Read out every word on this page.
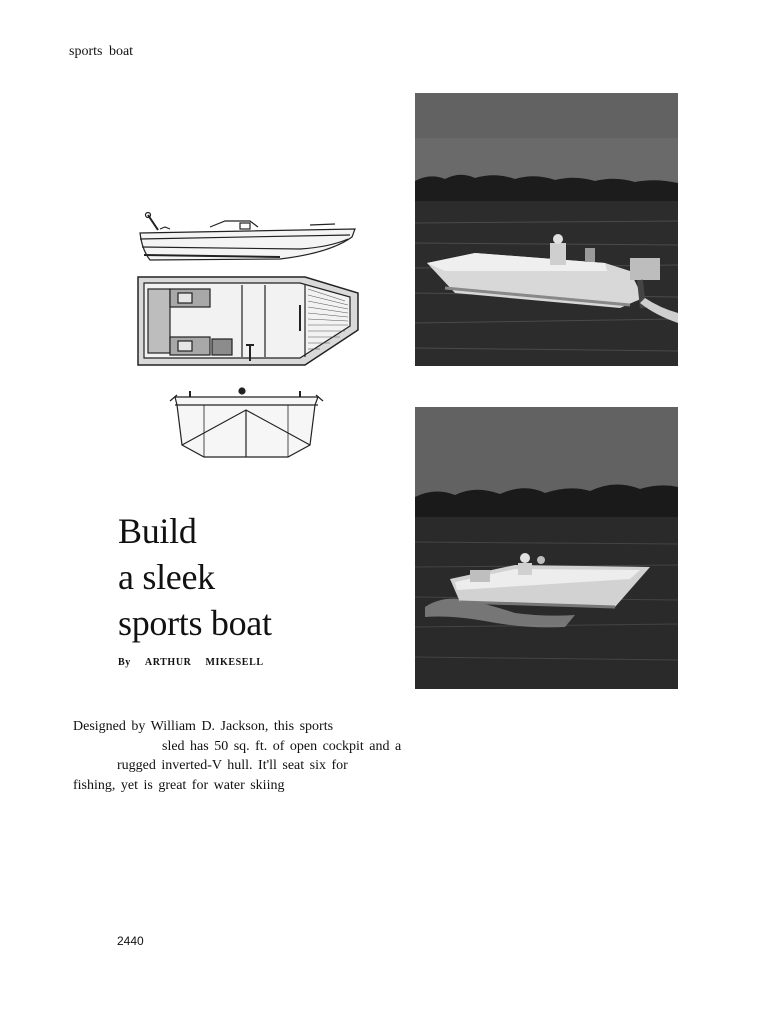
sports boat
Build
a sleek
sports boat
By ARTHUR MIKESELL
Designed by William D. Jackson, this sports
sled has 50 sq. ft. of open cockpit and a
rugged inverted-V hull. It'll seat six for
fishing, yet is great for water skiing
2440
